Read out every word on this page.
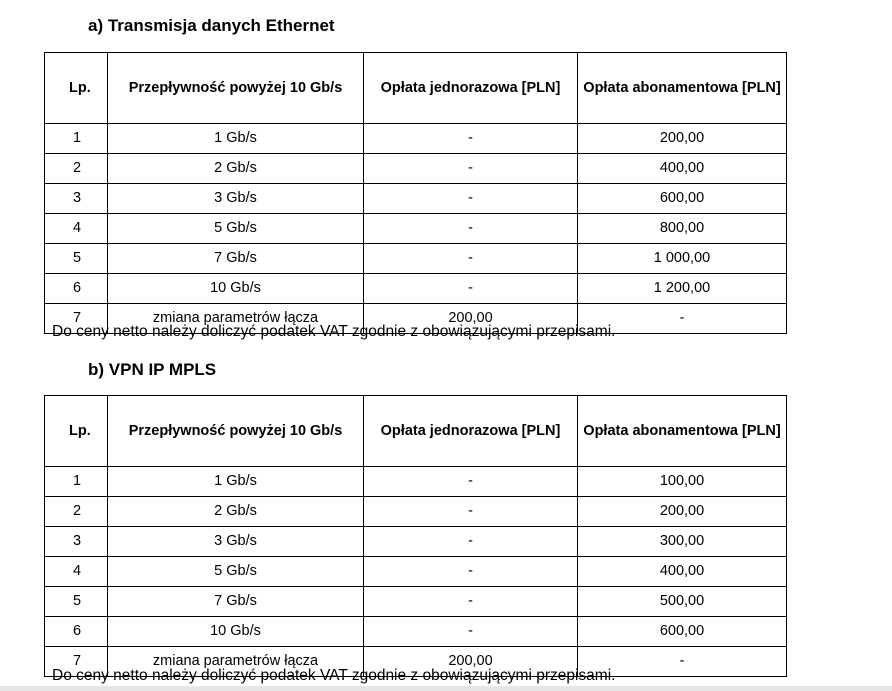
a) Transmisja danych Ethernet
Lp.	Przepływność powyżej 10 Gb/s	Opłata jednorazowa [PLN]	Opłata abonamentowa [PLN]
1	1 Gb/s	-	200,00
2	2 Gb/s	-	400,00
3	3 Gb/s	-	600,00
4	5 Gb/s	-	800,00
5	7 Gb/s	-	1 000,00
6	10 Gb/s	-	1 200,00
7	zmiana parametrów łącza	200,00	-

Do ceny netto należy doliczyć podatek VAT zgodnie z obowiązującymi przepisami.

b) VPN IP MPLS
Lp.	Przepływność powyżej 10 Gb/s	Opłata jednorazowa [PLN]	Opłata abonamentowa [PLN]
1	1 Gb/s	-	100,00
2	2 Gb/s	-	200,00
3	3 Gb/s	-	300,00
4	5 Gb/s	-	400,00
5	7 Gb/s	-	500,00
6	10 Gb/s	-	600,00
7	zmiana parametrów łącza	200,00	-

Do ceny netto należy doliczyć podatek VAT zgodnie z obowiązującymi przepisami.
